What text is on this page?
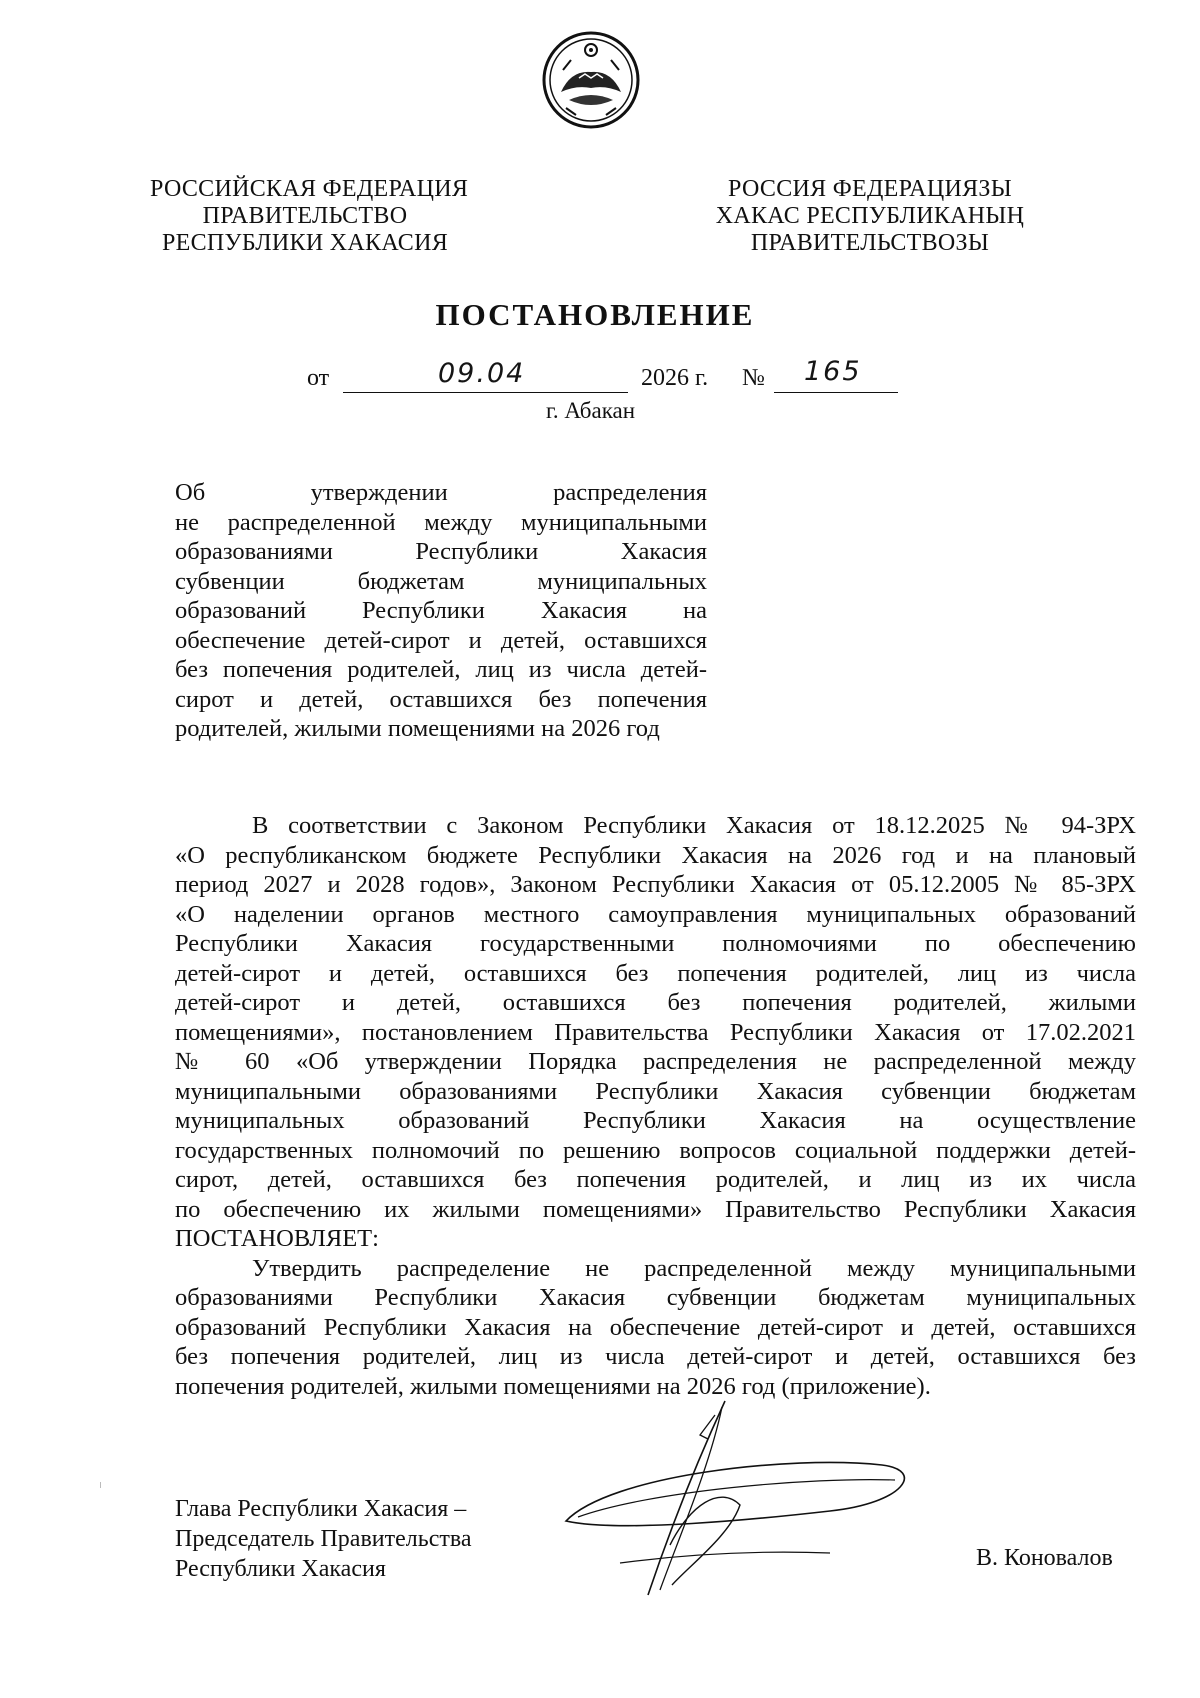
РОССИЙСКАЯ ФЕДЕРАЦИЯ
ПРАВИТЕЛЬСТВО
РЕСПУБЛИКИ ХАКАСИЯ
РОССИЯ ФЕДЕРАЦИЯЗЫ
ХАКАС РЕСПУБЛИКАНЫҢ
ПРАВИТЕЛЬСТВОЗЫ
ПОСТАНОВЛЕНИЕ
от	09.04	2026 г. № 165
г. Абакан
Об утверждении распределения
не распределенной между муниципальными
образованиями Республики Хакасия
субвенции бюджетам муниципальных
образований Республики Хакасия на
обеспечение детей-сирот и детей, оставшихся
без попечения родителей, лиц из числа детей-
сирот и детей, оставшихся без попечения
родителей, жилыми помещениями на 2026 год
В соответствии с Законом Республики Хакасия от 18.12.2025 № 94-ЗРХ
«О республиканском бюджете Республики Хакасия на 2026 год и на плановый
период 2027 и 2028 годов», Законом Республики Хакасия от 05.12.2005 № 85-ЗРХ
«О наделении органов местного самоуправления муниципальных образований
Республики Хакасия государственными полномочиями по обеспечению
детей-сирот и детей, оставшихся без попечения родителей, лиц из числа
детей-сирот и детей, оставшихся без попечения родителей, жилыми
помещениями», постановлением Правительства Республики Хакасия от 17.02.2021
№ 60 «Об утверждении Порядка распределения не распределенной между
муниципальными образованиями Республики Хакасия субвенции бюджетам
муниципальных образований Республики Хакасия на осуществление
государственных полномочий по решению вопросов социальной поддержки детей-
сирот, детей, оставшихся без попечения родителей, и лиц из их числа
по обеспечению их жилыми помещениями» Правительство Республики Хакасия
ПОСТАНОВЛЯЕТ:
Утвердить распределение не распределенной между муниципальными
образованиями Республики Хакасия субвенции бюджетам муниципальных
образований Республики Хакасия на обеспечение детей-сирот и детей, оставшихся
без попечения родителей, лиц из числа детей-сирот и детей, оставшихся без
попечения родителей, жилыми помещениями на 2026 год (приложение).
Глава Республики Хакасия –
Председатель Правительства
Республики Хакасия	В. Коновалов
